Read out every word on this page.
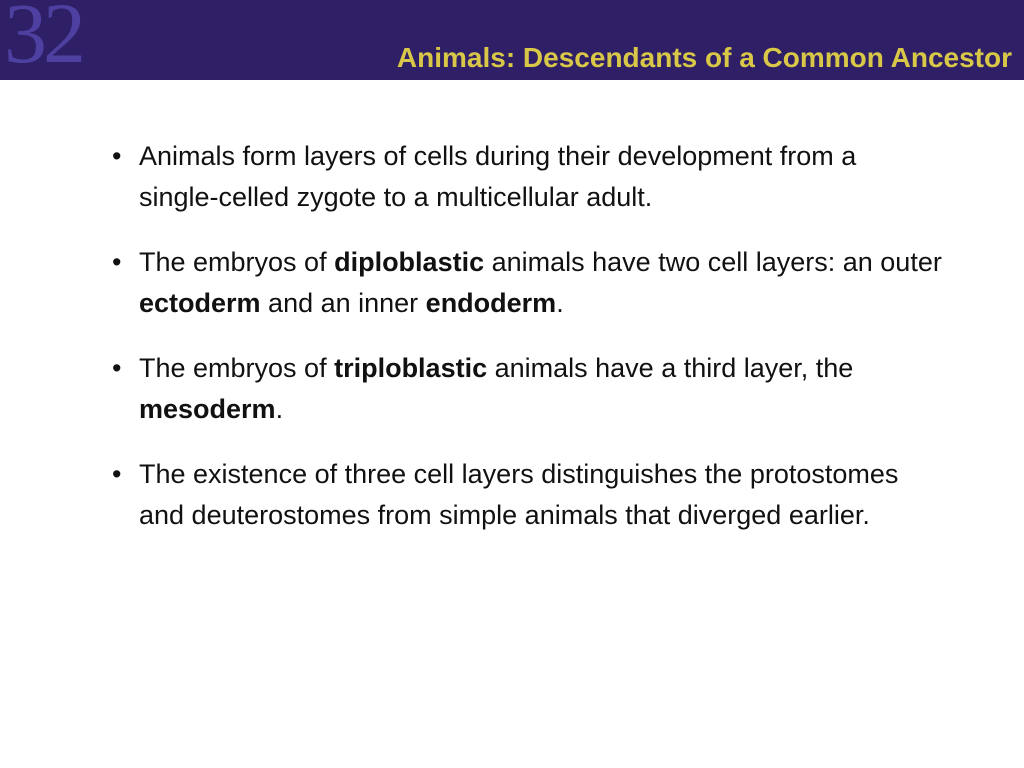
32	Animals: Descendants of a Common Ancestor
• Animals form layers of cells during their development from a single-celled zygote to a multicellular adult.
• The embryos of diploblastic animals have two cell layers: an outer ectoderm and an inner endoderm.
• The embryos of triploblastic animals have a third layer, the mesoderm.
• The existence of three cell layers distinguishes the protostomes and deuterostomes from simple animals that diverged earlier.
